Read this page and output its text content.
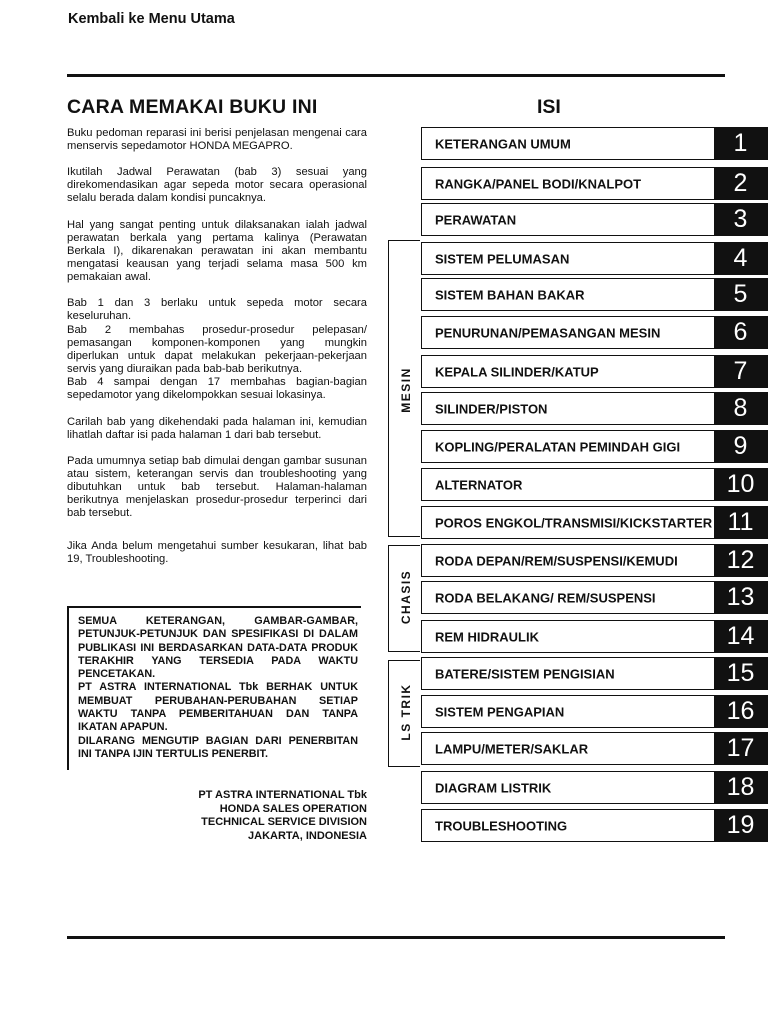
Kembali ke Menu Utama
CARA MEMAKAI BUKU INI	ISI

Buku pedoman reparasi ini berisi penjelasan mengenai cara menservis sepedamotor HONDA MEGAPRO.

Ikutilah Jadwal Perawatan (bab 3) sesuai yang direkomendasikan agar sepeda motor secara operasional selalu berada dalam kondisi puncaknya.

Hal yang sangat penting untuk dilaksanakan ialah jadwal perawatan berkala yang pertama kalinya (Perawatan Berkala I), dikarenakan perawatan ini akan membantu mengatasi keausan yang terjadi selama masa 500 km pemakaian awal.

Bab 1 dan 3 berlaku untuk sepeda motor secara keseluruhan.

Bab 2 membahas prosedur-prosedur pelepasan/ pemasangan komponen-komponen yang mungkin diperlukan untuk dapat melakukan pekerjaan-pekerjaan servis yang diuraikan pada bab-bab berikutnya.

Bab 4 sampai dengan 17 membahas bagian-bagian sepedamotor yang dikelompokkan sesuai lokasinya.

Carilah bab yang dikehendaki pada halaman ini, kemudian lihatlah daftar isi pada halaman 1 dari bab tersebut.

Pada umumnya setiap bab dimulai dengan gambar susunan atau sistem, keterangan servis dan troubleshooting yang dibutuhkan untuk bab tersebut. Halaman-halaman berikutnya menjelaskan prosedur-prosedur terperinci dari bab tersebut.

Jika Anda belum mengetahui sumber kesukaran, lihat bab 19, Troubleshooting.

SEMUA KETERANGAN, GAMBAR-GAMBAR, PETUNJUK-PETUNJUK DAN SPESIFIKASI DI DALAM PUBLIKASI INI BERDASARKAN DATA-DATA PRODUK TERAKHIR YANG TERSEDIA PADA WAKTU PENCETAKAN.
PT ASTRA INTERNATIONAL Tbk BERHAK UNTUK MEMBUAT PERUBAHAN-PERUBAHAN SETIAP WAKTU TANPA PEMBERITAHUAN DAN TANPA IKATAN APAPUN.
DILARANG MENGUTIP BAGIAN DARI PENERBITAN INI TANPA IJIN TERTULIS PENERBIT.
PT ASTRA INTERNATIONAL Tbk
HONDA SALES OPERATION
TECHNICAL SERVICE DIVISION
JAKARTA, INDONESIA
MESIN
CHASIS
LS TRIK
KETERANGAN UMUM	1
RANGKA/PANEL BODI/KNALPOT	2
PERAWATAN	3
SISTEM PELUMASAN	4
SISTEM BAHAN BAKAR	5
PENURUNAN/PEMASANGAN MESIN	6
KEPALA SILINDER/KATUP	7
SILINDER/PISTON	8
KOPLING/PERALATAN PEMINDAH GIGI	9
ALTERNATOR	10
POROS ENGKOL/TRANSMISI/KICKSTARTER 11
RODA DEPAN/REM/SUSPENSI/KEMUDI	12
RODA BELAKANG/ REM/SUSPENSI	13
REM HIDRAULIK	14
BATERE/SISTEM PENGISIAN	15
SISTEM PENGAPIAN	16
LAMPU/METER/SAKLAR	17
DIAGRAM LISTRIK	18
TROUBLESHOOTING	19
